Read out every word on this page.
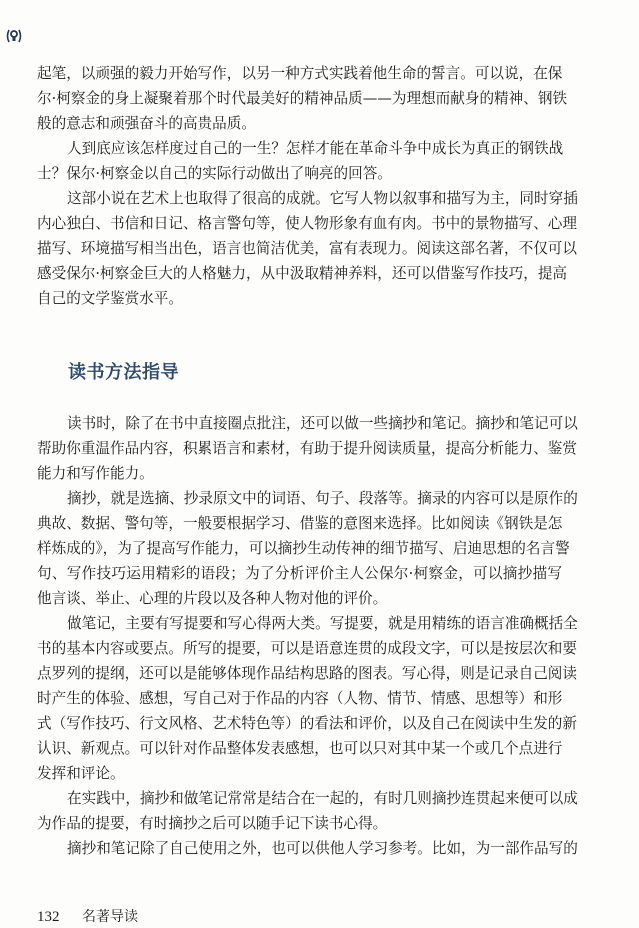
起笔，以顽强的毅力开始写作，以另一种方式实践着他生命的誓言。可以说，在保
尔·柯察金的身上凝聚着那个时代最美好的精神品质——为理想而献身的精神、钢铁
般的意志和顽强奋斗的高贵品质。
人到底应该怎样度过自己的一生？怎样才能在革命斗争中成长为真正的钢铁战
士？保尔·柯察金以自己的实际行动做出了响亮的回答。
这部小说在艺术上也取得了很高的成就。它写人物以叙事和描写为主，同时穿插
内心独白、书信和日记、格言警句等，使人物形象有血有肉。书中的景物描写、心理
描写、环境描写相当出色，语言也简洁优美，富有表现力。阅读这部名著，不仅可以
感受保尔·柯察金巨大的人格魅力，从中汲取精神养料，还可以借鉴写作技巧，提高
自己的文学鉴赏水平。
读书方法指导
读书时，除了在书中直接圈点批注，还可以做一些摘抄和笔记。摘抄和笔记可以
帮助你重温作品内容，积累语言和素材，有助于提升阅读质量，提高分析能力、鉴赏
能力和写作能力。
摘抄，就是选摘、抄录原文中的词语、句子、段落等。摘录的内容可以是原作的
典故、数据、警句等，一般要根据学习、借鉴的意图来选择。比如阅读《钢铁是怎
样炼成的》，为了提高写作能力，可以摘抄生动传神的细节描写、启迪思想的名言警
句、写作技巧运用精彩的语段；为了分析评价主人公保尔·柯察金，可以摘抄描写
他言谈、举止、心理的片段以及各种人物对他的评价。
做笔记，主要有写提要和写心得两大类。写提要，就是用精练的语言准确概括全
书的基本内容或要点。所写的提要，可以是语意连贯的成段文字，可以是按层次和要
点罗列的提纲，还可以是能够体现作品结构思路的图表。写心得，则是记录自己阅读
时产生的体验、感想，写自己对于作品的内容（人物、情节、情感、思想等）和形
式（写作技巧、行文风格、艺术特色等）的看法和评价，以及自己在阅读中生发的新
认识、新观点。可以针对作品整体发表感想，也可以只对其中某一个或几个点进行
发挥和评论。
在实践中，摘抄和做笔记常常是结合在一起的，有时几则摘抄连贯起来便可以成
为作品的提要，有时摘抄之后可以随手记下读书心得。
摘抄和笔记除了自己使用之外，也可以供他人学习参考。比如，为一部作品写的
132 名著导读
